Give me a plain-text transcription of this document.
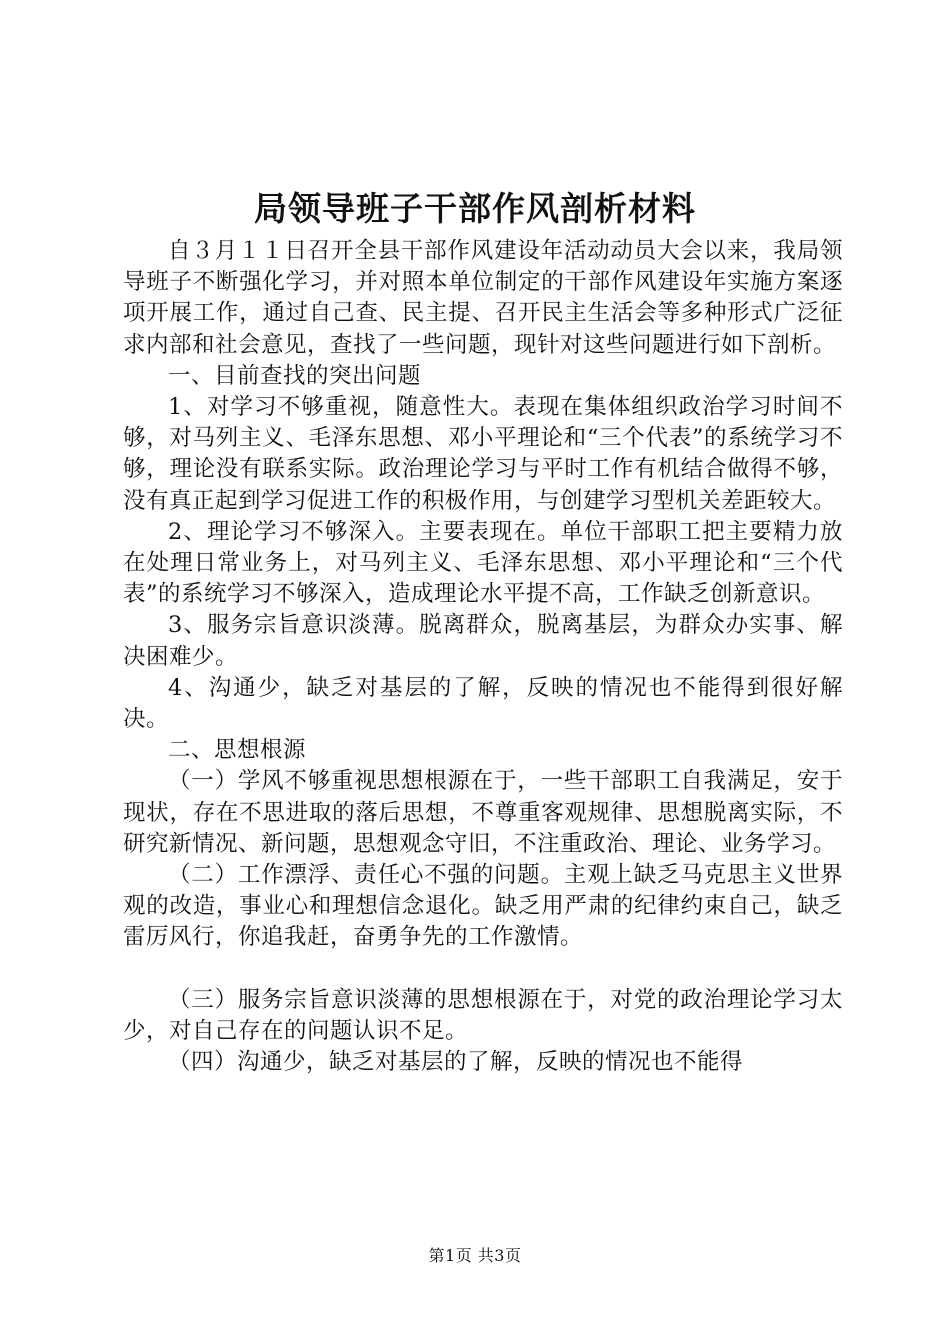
局领导班子干部作风剖析材料

自３月１１日召开全县干部作风建设年活动动员大会以来，我局领导班子不断强化学习，并对照本单位制定的干部作风建设年实施方案逐项开展工作，通过自己查、民主提、召开民主生活会等多种形式广泛征求内部和社会意见，查找了一些问题，现针对这些问题进行如下剖析。

一、目前查找的突出问题

1、对学习不够重视，随意性大。表现在集体组织政治学习时间不够，对马列主义、毛泽东思想、邓小平理论和“三个代表”的系统学习不够，理论没有联系实际。政治理论学习与平时工作有机结合做得不够，没有真正起到学习促进工作的积极作用，与创建学习型机关差距较大。

2、理论学习不够深入。主要表现在。单位干部职工把主要精力放在处理日常业务上，对马列主义、毛泽东思想、邓小平理论和“三个代表”的系统学习不够深入，造成理论水平提不高，工作缺乏创新意识。

3、服务宗旨意识淡薄。脱离群众，脱离基层，为群众办实事、解决困难少。

4、沟通少，缺乏对基层的了解，反映的情况也不能得到很好解决。

二、思想根源

（一）学风不够重视思想根源在于，一些干部职工自我满足，安于现状，存在不思进取的落后思想，不尊重客观规律、思想脱离实际，不研究新情况、新问题，思想观念守旧，不注重政治、理论、业务学习。

（二）工作漂浮、责任心不强的问题。主观上缺乏马克思主义世界观的改造，事业心和理想信念退化。缺乏用严肃的纪律约束自己，缺乏雷厉风行，你追我赶，奋勇争先的工作激情。

（三）服务宗旨意识淡薄的思想根源在于，对党的政治理论学习太少，对自己存在的问题认识不足。

（四）沟通少，缺乏对基层的了解，反映的情况也不能得

第1页 共3页
